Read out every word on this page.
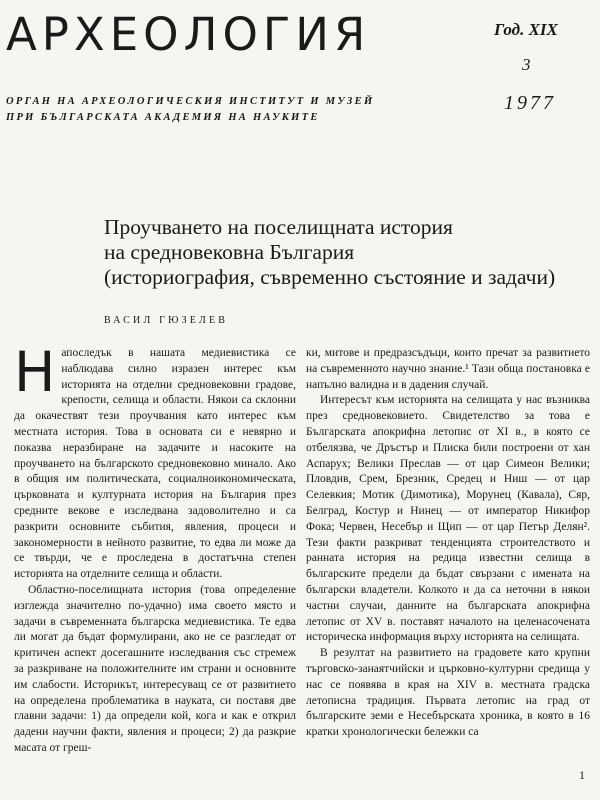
АРХЕОЛОГИЯ	Год. XIX
3
1977
ОРГАН НА АРХЕОЛОГИЧЕСКИЯ ИНСТИТУТ И МУЗЕЙ
ПРИ БЪЛГАРСКАТА АКАДЕМИЯ НА НАУКИТЕ
Проучването на поселищната история
на средновековна България
(историография, съвременно състояние и задачи)
ВАСИЛ ГЮЗЕЛЕВ

Напоследък в нашата медиевистика се наблюдава силно изразен интерес към историята на отделни средновековни градове, крепости, селища и области. Някои са склонни да окачествят тези проучвания като интерес към местната история. Това в основата си е невярно и показва неразбиране на задачите и насоките на проучването на българското средновековно минало. Ако в общия им политическата, социалноикономическата, църковната и културната история на България през средните векове е изследвана задоволително и са разкрити основните събития, явления, процеси и закономерности в нейното развитие, то едва ли може да се твърди, че е проследена в достатъчна степен историята на отделните селища и области.

Областно-поселищната история (това определение изглежда значително по-удачно) има своето място и задачи в съвременната българска медиевистика. Те едва ли могат да бъдат формулирани, ако не се разгледат от критичен аспект досегашните изследвания със стремеж за разкриване на положителните им страни и основните им слабости. Историкът, интересуващ се от развитието на определена проблематика в науката, си поставя две главни задачи: 1) да определи кой, кога и как е открил дадени научни факти, явления и процеси; 2) да разкрие масата от греш-

ки, митове и предразсъдъци, които пречат за развитието на съвременното научно знание.¹ Тази обща постановка е напълно валидна и в дадения случай.

Интересът към историята на селищата у нас възниква през средновековието. Свидетелство за това е Българската апокрифна летопис от XI в., в която се отбелязва, че Дръстър и Плиска били построени от хан Аспарух; Велики Преслав — от цар Симеон Велики; Пловдив, Срем, Брезник, Средец и Ниш — от цар Селевкия; Мотик (Димотика), Морунец (Кавала), Сяр, Белград, Костур и Нинец — от император Никифор Фока; Червен, Несебър и Щип — от цар Петър Делян². Тези факти разкриват тенденцията строителството и ранната история на редица известни селища в българските предели да бъдат свързани с имената на български владетели. Колкото и да са неточни в някои частни случаи, данните на българската апокрифна летопис от XV в. поставят началото на целенасочената историческа информация върху историята на селищата.

В резултат на развитието на градовете като крупни търговско-занаятчийски и църковно-културни средища у нас се появява в края на XIV в. местната градска летописна традиция. Първата летопис на град от българските земи е Несебърската хроника, в която в 16 кратки хронологически бележки са

1
